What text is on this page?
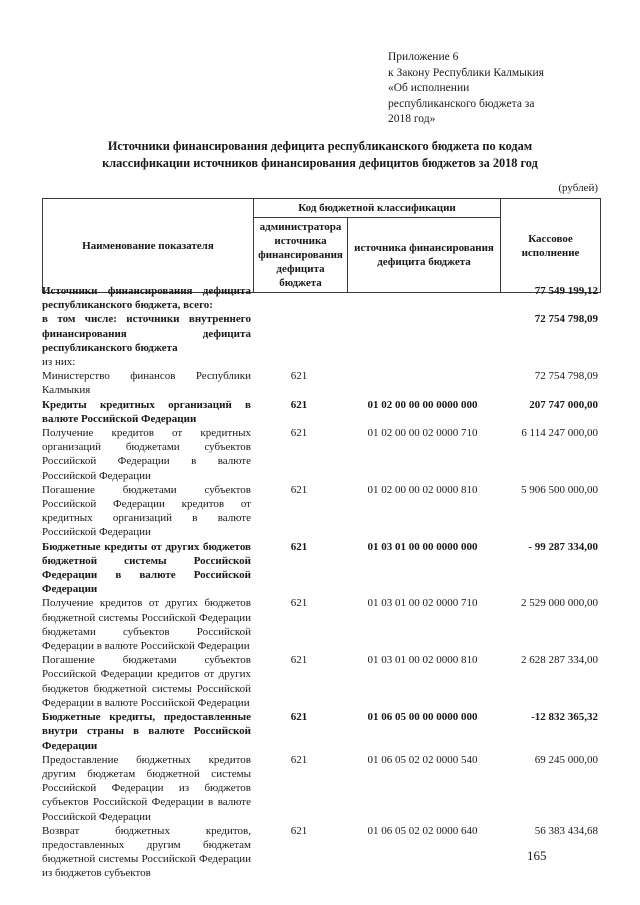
Приложение 6
к Закону Республики Калмыкия
«Об исполнении
республиканского бюджета за
2018 год»
Источники финансирования дефицита республиканского бюджета по кодам
классификации источников финансирования дефицитов бюджетов за 2018 год
(рублей)
Наименование показателя	Код бюджетной классификации		Кассовое исполнение
	администратора источника финансирования дефицита бюджета	источника финансирования дефицита бюджета	
Источники финансирования дефицита республиканского бюджета, всего:			77 549 199,12
в том числе: источники внутреннего финансирования дефицита республиканского бюджета			72 754 798,09
из них:			
Министерство финансов Республики Калмыкия	621		72 754 798,09
Кредиты кредитных организаций в валюте Российской Федерации	621	01 02 00 00 00 0000 000	207 747 000,00
Получение кредитов от кредитных организаций бюджетами субъектов Российской Федерации в валюте Российской Федерации	621	01 02 00 00 02 0000 710	6 114 247 000,00
Погашение бюджетами субъектов Российской Федерации кредитов от кредитных организаций в валюте Российской Федерации	621	01 02 00 00 02 0000 810	5 906 500 000,00
Бюджетные кредиты от других бюджетов бюджетной системы Российской Федерации в валюте Российской Федерации	621	01 03 01 00 00 0000 000	- 99 287 334,00
Получение кредитов от других бюджетов бюджетной системы Российской Федерации бюджетами субъектов Российской Федерации в валюте Российской Федерации	621	01 03 01 00 02 0000 710	2 529 000 000,00
Погашение бюджетами субъектов Российской Федерации кредитов от других бюджетов бюджетной системы Российской Федерации в валюте Российской Федерации	621	01 03 01 00 02 0000 810	2 628 287 334,00
Бюджетные кредиты, предоставленные внутри страны в валюте Российской Федерации	621	01 06 05 00 00 0000 000	-12 832 365,32
Предоставление бюджетных кредитов другим бюджетам бюджетной системы Российской Федерации из бюджетов субъектов Российской Федерации в валюте Российской Федерации	621	01 06 05 02 02 0000 540	69 245 000,00
Возврат бюджетных кредитов, предоставленных другим бюджетам бюджетной системы Российской Федерации из бюджетов субъектов	621	01 06 05 02 02 0000 640	56 383 434,68
165
